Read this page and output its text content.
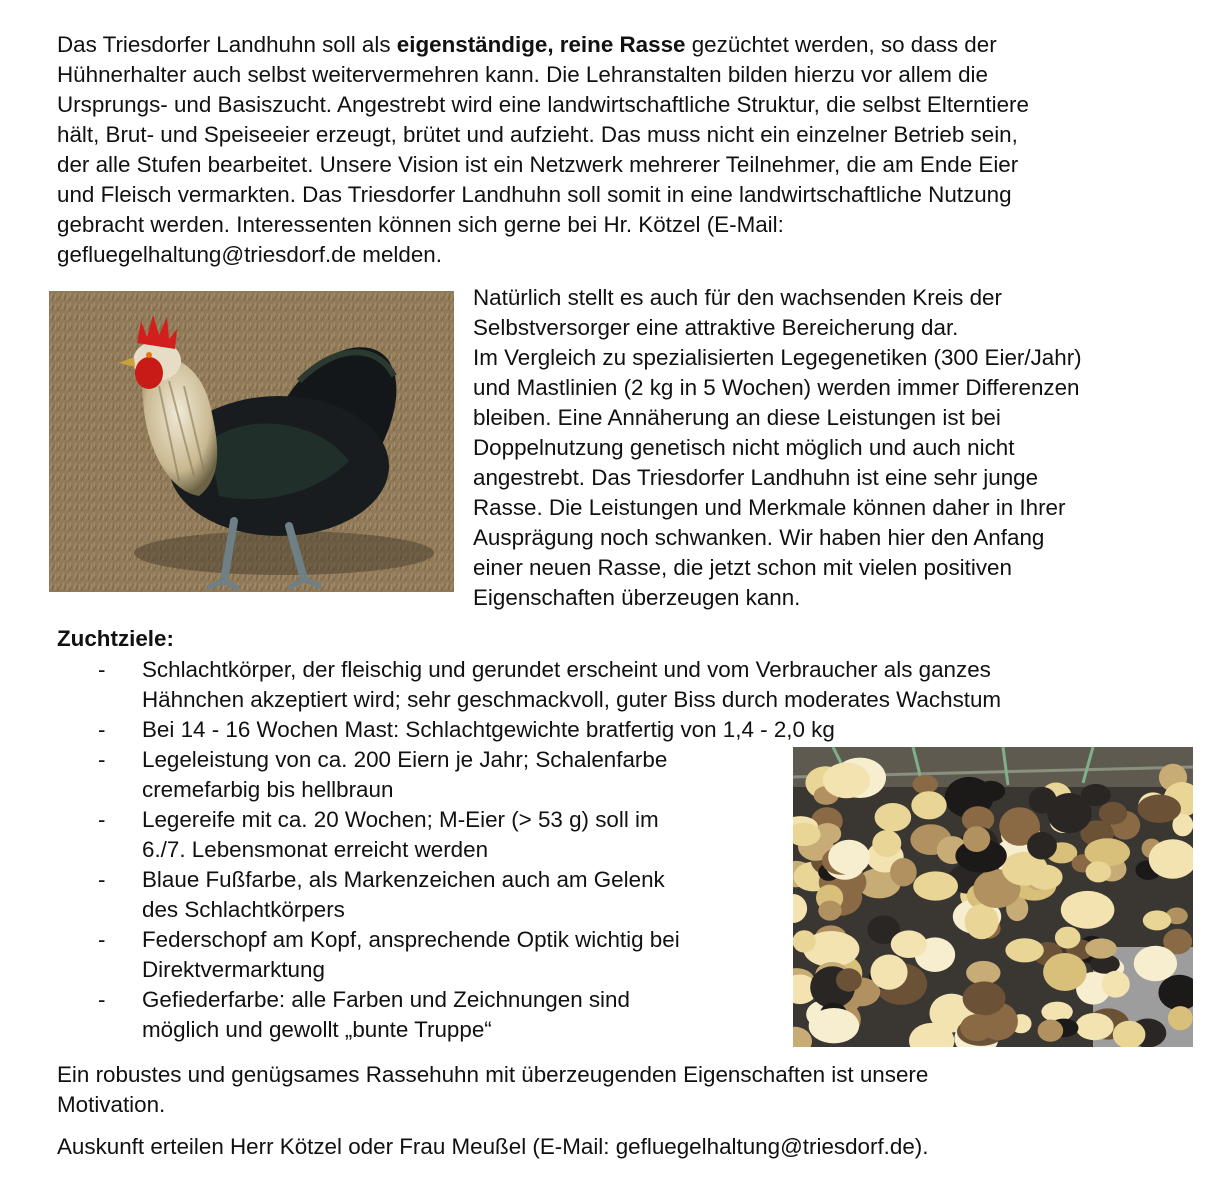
Das Triesdorfer Landhuhn soll als eigenständige, reine Rasse gezüchtet werden, so dass der
Hühnerhalter auch selbst weitervermehren kann. Die Lehranstalten bilden hierzu vor allem die
Ursprungs- und Basiszucht. Angestrebt wird eine landwirtschaftliche Struktur, die selbst Elterntiere
hält, Brut- und Speiseeier erzeugt, brütet und aufzieht. Das muss nicht ein einzelner Betrieb sein,
der alle Stufen bearbeitet. Unsere Vision ist ein Netzwerk mehrerer Teilnehmer, die am Ende Eier
und Fleisch vermarkten. Das Triesdorfer Landhuhn soll somit in eine landwirtschaftliche Nutzung
gebracht werden. Interessenten können sich gerne bei Hr. Kötzel (E-Mail:
gefluegelhaltung@triesdorf.de melden.
Natürlich stellt es auch für den wachsenden Kreis der
Selbstversorger eine attraktive Bereicherung dar.
Im Vergleich zu spezialisierten Legegenetiken (300 Eier/Jahr)
und Mastlinien (2 kg in 5 Wochen) werden immer Differenzen
bleiben. Eine Annäherung an diese Leistungen ist bei
Doppelnutzung genetisch nicht möglich und auch nicht
angestrebt. Das Triesdorfer Landhuhn ist eine sehr junge
Rasse. Die Leistungen und Merkmale können daher in Ihrer
Ausprägung noch schwanken. Wir haben hier den Anfang
einer neuen Rasse, die jetzt schon mit vielen positiven
Eigenschaften überzeugen kann.
Zuchtziele:
- Schlachtkörper, der fleischig und gerundet erscheint und vom Verbraucher als ganzes
Hähnchen akzeptiert wird; sehr geschmackvoll, guter Biss durch moderates Wachstum
- Bei 14 - 16 Wochen Mast: Schlachtgewichte bratfertig von 1,4 - 2,0 kg
- Legeleistung von ca. 200 Eiern je Jahr; Schalenfarbe
cremefarbig bis hellbraun
- Legereife mit ca. 20 Wochen; M-Eier (> 53 g) soll im
6./7. Lebensmonat erreicht werden
- Blaue Fußfarbe, als Markenzeichen auch am Gelenk
des Schlachtkörpers
- Federschopf am Kopf, ansprechende Optik wichtig bei
Direktvermarktung
- Gefiederfarbe: alle Farben und Zeichnungen sind
möglich und gewollt „bunte Truppe“
Ein robustes und genügsames Rassehuhn mit überzeugenden Eigenschaften ist unsere
Motivation.
Auskunft erteilen Herr Kötzel oder Frau Meußel (E-Mail: gefluegelhaltung@triesdorf.de).
